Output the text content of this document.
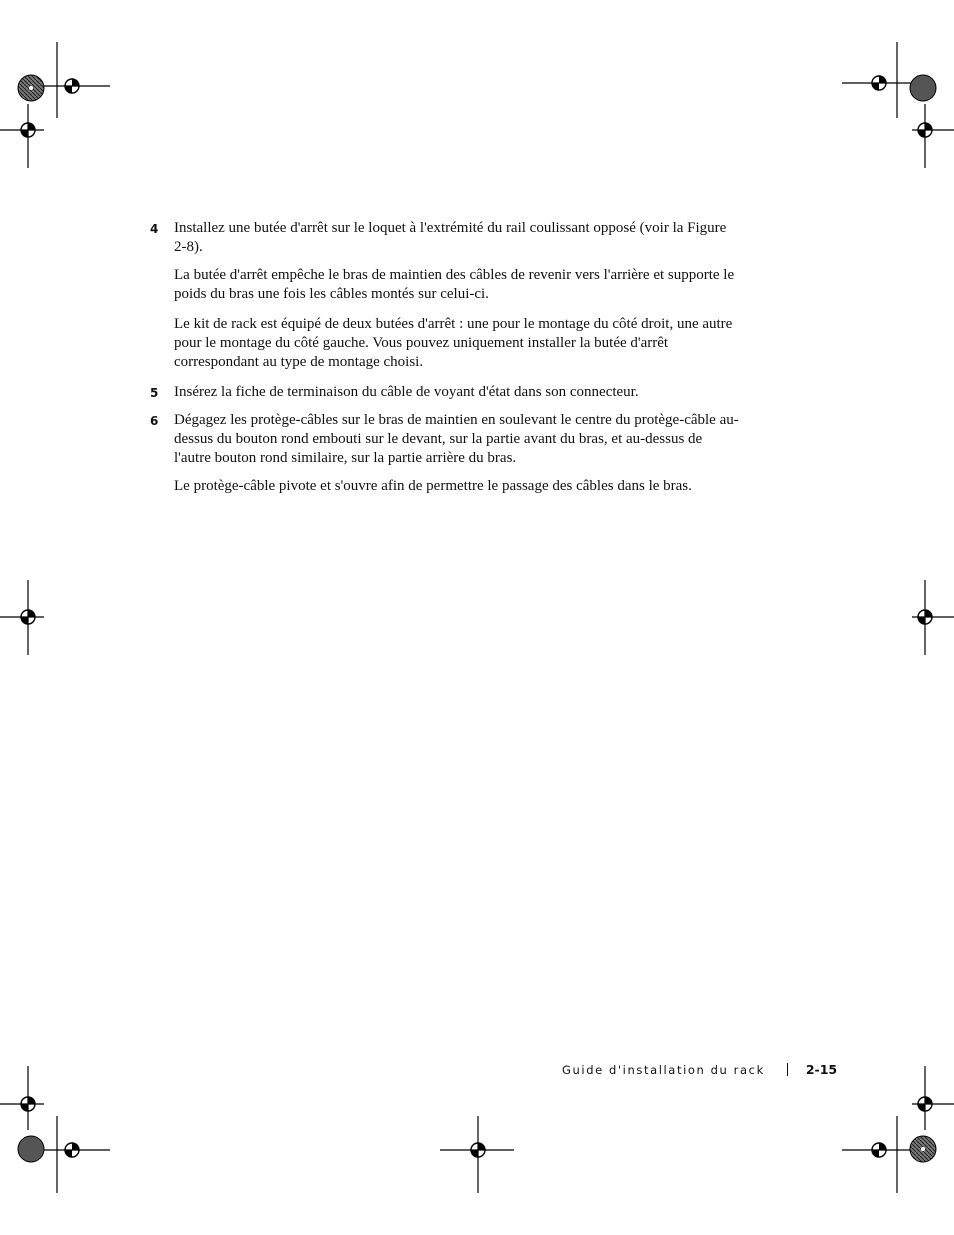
4 Installez une butée d'arrêt sur le loquet à l'extrémité du rail coulissant opposé (voir la Figure 2-8).

La butée d'arrêt empêche le bras de maintien des câbles de revenir vers l'arrière et supporte le poids du bras une fois les câbles montés sur celui-ci.

Le kit de rack est équipé de deux butées d'arrêt : une pour le montage du côté droit, une autre pour le montage du côté gauche. Vous pouvez uniquement installer la butée d'arrêt correspondant au type de montage choisi.

5 Insérez la fiche de terminaison du câble de voyant d'état dans son connecteur.
6 Dégagez les protège-câbles sur le bras de maintien en soulevant le centre du protège-câble au-dessus du bouton rond embouti sur le devant, sur la partie avant du bras, et au-dessus de l'autre bouton rond similaire, sur la partie arrière du bras.

Le protège-câble pivote et s'ouvre afin de permettre le passage des câbles dans le bras.

Guide d'installation du rack	2-15
